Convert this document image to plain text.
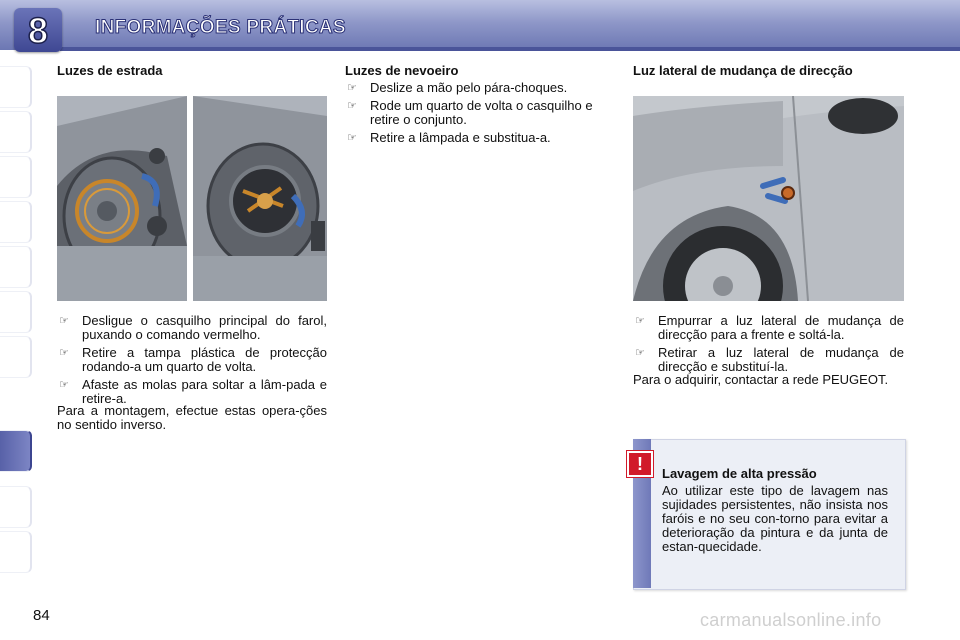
8	INFORMAÇÕES PRÁTICAS
Luzes de estrada
☞ Desligue o casquilho principal do farol, puxando o comando vermelho.
☞ Retire a tampa plástica de protecção rodando-a um quarto de volta.
☞ Afaste as molas para soltar a lâm-pada e retire-a.
Para a montagem, efectue estas opera-ções no sentido inverso.
Luzes de nevoeiro
☞ Deslize a mão pelo pára-choques.
☞ Rode um quarto de volta o casquilho e retire o conjunto.
☞ Retire a lâmpada e substitua-a.
Luz lateral de mudança de direcção
☞ Empurrar a luz lateral de mudança de direcção para a frente e soltá-la.
☞ Retirar a luz lateral de mudança de direcção e substituí-la.
Para o adquirir, contactar a rede PEUGEOT.
!	Lavagem de alta pressão
Ao utilizar este tipo de lavagem nas sujidades persistentes, não insista nos faróis e no seu con-torno para evitar a deterioração da pintura e da junta de estan-quecidade.
84	carmanualsonline.info
